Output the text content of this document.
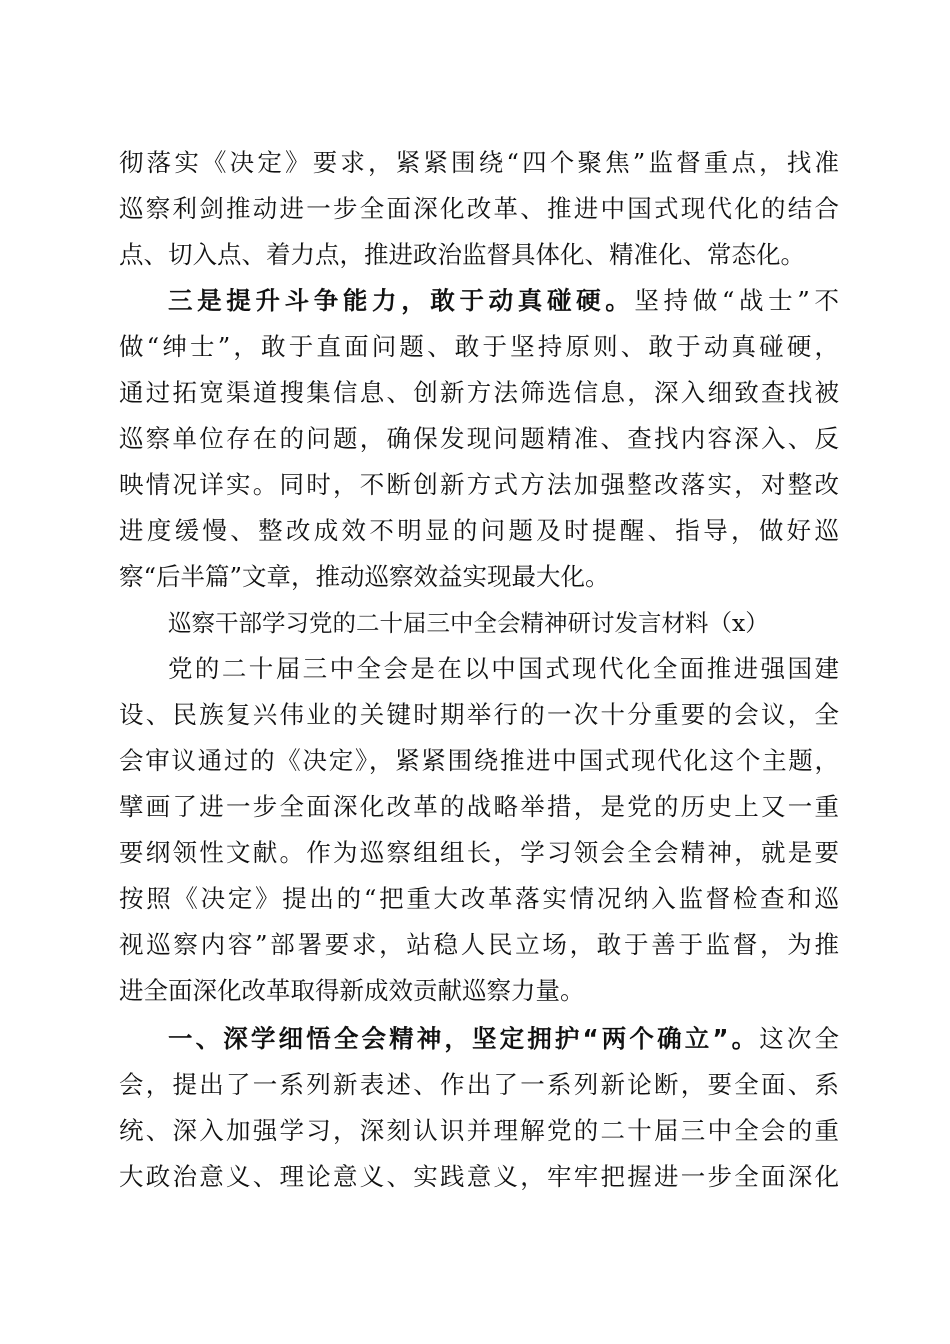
彻落实《决定》要求，紧紧围绕“四个聚焦”监督重点，找准
巡察利剑推动进一步全面深化改革、推进中国式现代化的结合
点、切入点、着力点，推进政治监督具体化、精准化、常态化。
三是提升斗争能力，敢于动真碰硬。坚持做“战士”不
做“绅士”，敢于直面问题、敢于坚持原则、敢于动真碰硬，
通过拓宽渠道搜集信息、创新方法筛选信息，深入细致查找被
巡察单位存在的问题，确保发现问题精准、查找内容深入、反
映情况详实。同时，不断创新方式方法加强整改落实，对整改
进度缓慢、整改成效不明显的问题及时提醒、指导，做好巡
察“后半篇”文章，推动巡察效益实现最大化。
巡察干部学习党的二十届三中全会精神研讨发言材料（x）
党的二十届三中全会是在以中国式现代化全面推进强国建
设、民族复兴伟业的关键时期举行的一次十分重要的会议，全
会审议通过的《决定》，紧紧围绕推进中国式现代化这个主题，
擘画了进一步全面深化改革的战略举措，是党的历史上又一重
要纲领性文献。作为巡察组组长，学习领会全会精神，就是要
按照《决定》提出的“把重大改革落实情况纳入监督检查和巡
视巡察内容”部署要求，站稳人民立场，敢于善于监督，为推
进全面深化改革取得新成效贡献巡察力量。
一、深学细悟全会精神，坚定拥护“两个确立”。这次全
会，提出了一系列新表述、作出了一系列新论断，要全面、系
统、深入加强学习，深刻认识并理解党的二十届三中全会的重
大政治意义、理论意义、实践意义，牢牢把握进一步全面深化
